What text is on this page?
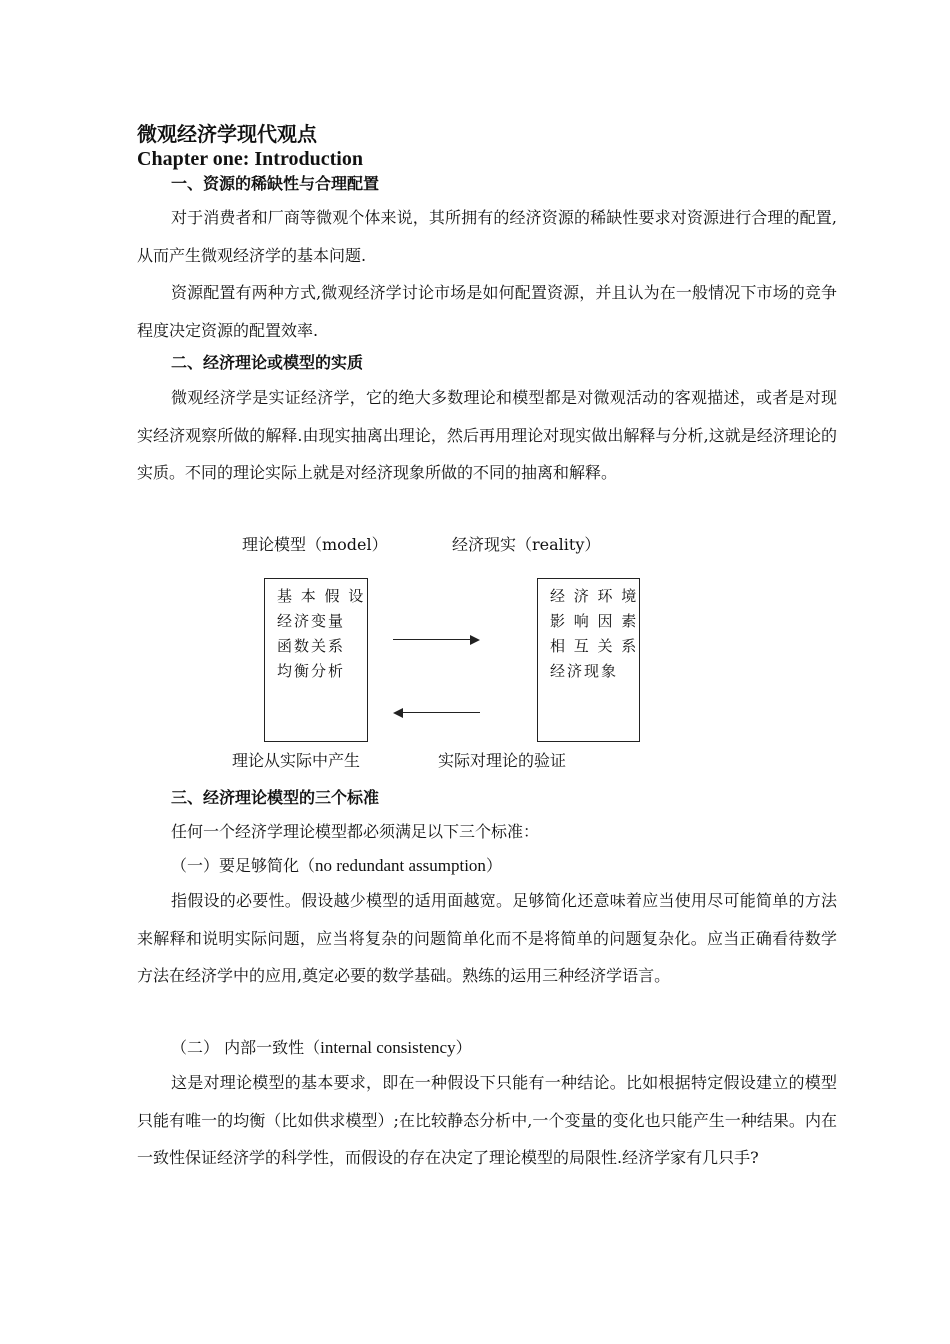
微观经济学现代观点
Chapter one: Introduction
一、资源的稀缺性与合理配置

对于消费者和厂商等微观个体来说，其所拥有的经济资源的稀缺性要求对资源进行合理的配置,从而产生微观经济学的基本问题.

资源配置有两种方式,微观经济学讨论市场是如何配置资源，并且认为在一般情况下市场的竞争程度决定资源的配置效率.

二、经济理论或模型的实质

微观经济学是实证经济学，它的绝大多数理论和模型都是对微观活动的客观描述，或者是对现实经济观察所做的解释.由现实抽离出理论，然后再用理论对现实做出解释与分析,这就是经济理论的实质。不同的理论实际上就是对经济现象所做的不同的抽离和解释。

理论模型（model）	经济现实（reality）
基 本 假 设
经济变量
函数关系
均衡分析
经 济 环 境
影 响 因 素
相 互 关 系
经济现象
理论从实际中产生	实际对理论的验证
三、经济理论模型的三个标准
任何一个经济学理论模型都必须满足以下三个标准：
（一）要足够简化（no redundant assumption）

指假设的必要性。假设越少模型的适用面越宽。足够简化还意味着应当使用尽可能简单的方法来解释和说明实际问题，应当将复杂的问题简单化而不是将简单的问题复杂化。应当正确看待数学方法在经济学中的应用,奠定必要的数学基础。熟练的运用三种经济学语言。

（二） 内部一致性（internal consistency）

这是对理论模型的基本要求，即在一种假设下只能有一种结论。比如根据特定假设建立的模型只能有唯一的均衡（比如供求模型）;在比较静态分析中,一个变量的变化也只能产生一种结果。内在一致性保证经济学的科学性，而假设的存在决定了理论模型的局限性.经济学家有几只手?
